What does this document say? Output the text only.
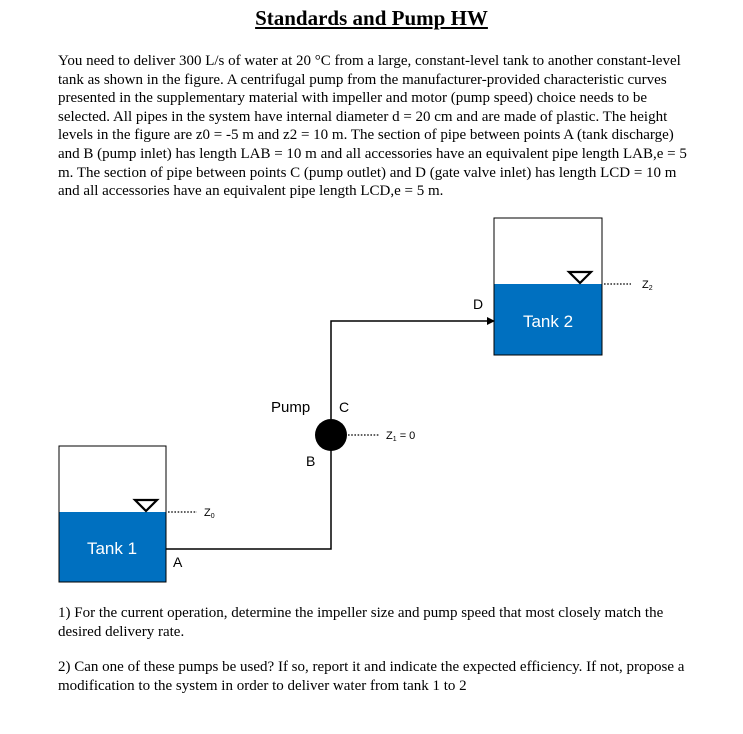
Standards and Pump HW

You need to deliver 300 L/s of water at 20 °C from a large, constant-level tank to another constant-level tank as shown in the figure. A centrifugal pump from the manufacturer-provided characteristic curves presented in the supplementary material with impeller and motor (pump speed) choice needs to be selected. All pipes in the system have internal diameter d = 20 cm and are made of plastic. The height levels in the figure are z0 = -5 m and z2 = 10 m. The section of pipe between points A (tank discharge) and B (pump inlet) has length LAB = 10 m and all accessories have an equivalent pipe length LAB,e = 5 m. The section of pipe between points C (pump outlet) and D (gate valve inlet) has length LCD = 10 m and all accessories have an equivalent pipe length LCD,e = 5 m.

Tank 2
Z2
Tank 1
Z0
Z1 = 0
Pump C
B
A
D

1) For the current operation, determine the impeller size and pump speed that most closely match the desired delivery rate.

2) Can one of these pumps be used? If so, report it and indicate the expected efficiency. If not, propose a modification to the system in order to deliver water from tank 1 to 2
